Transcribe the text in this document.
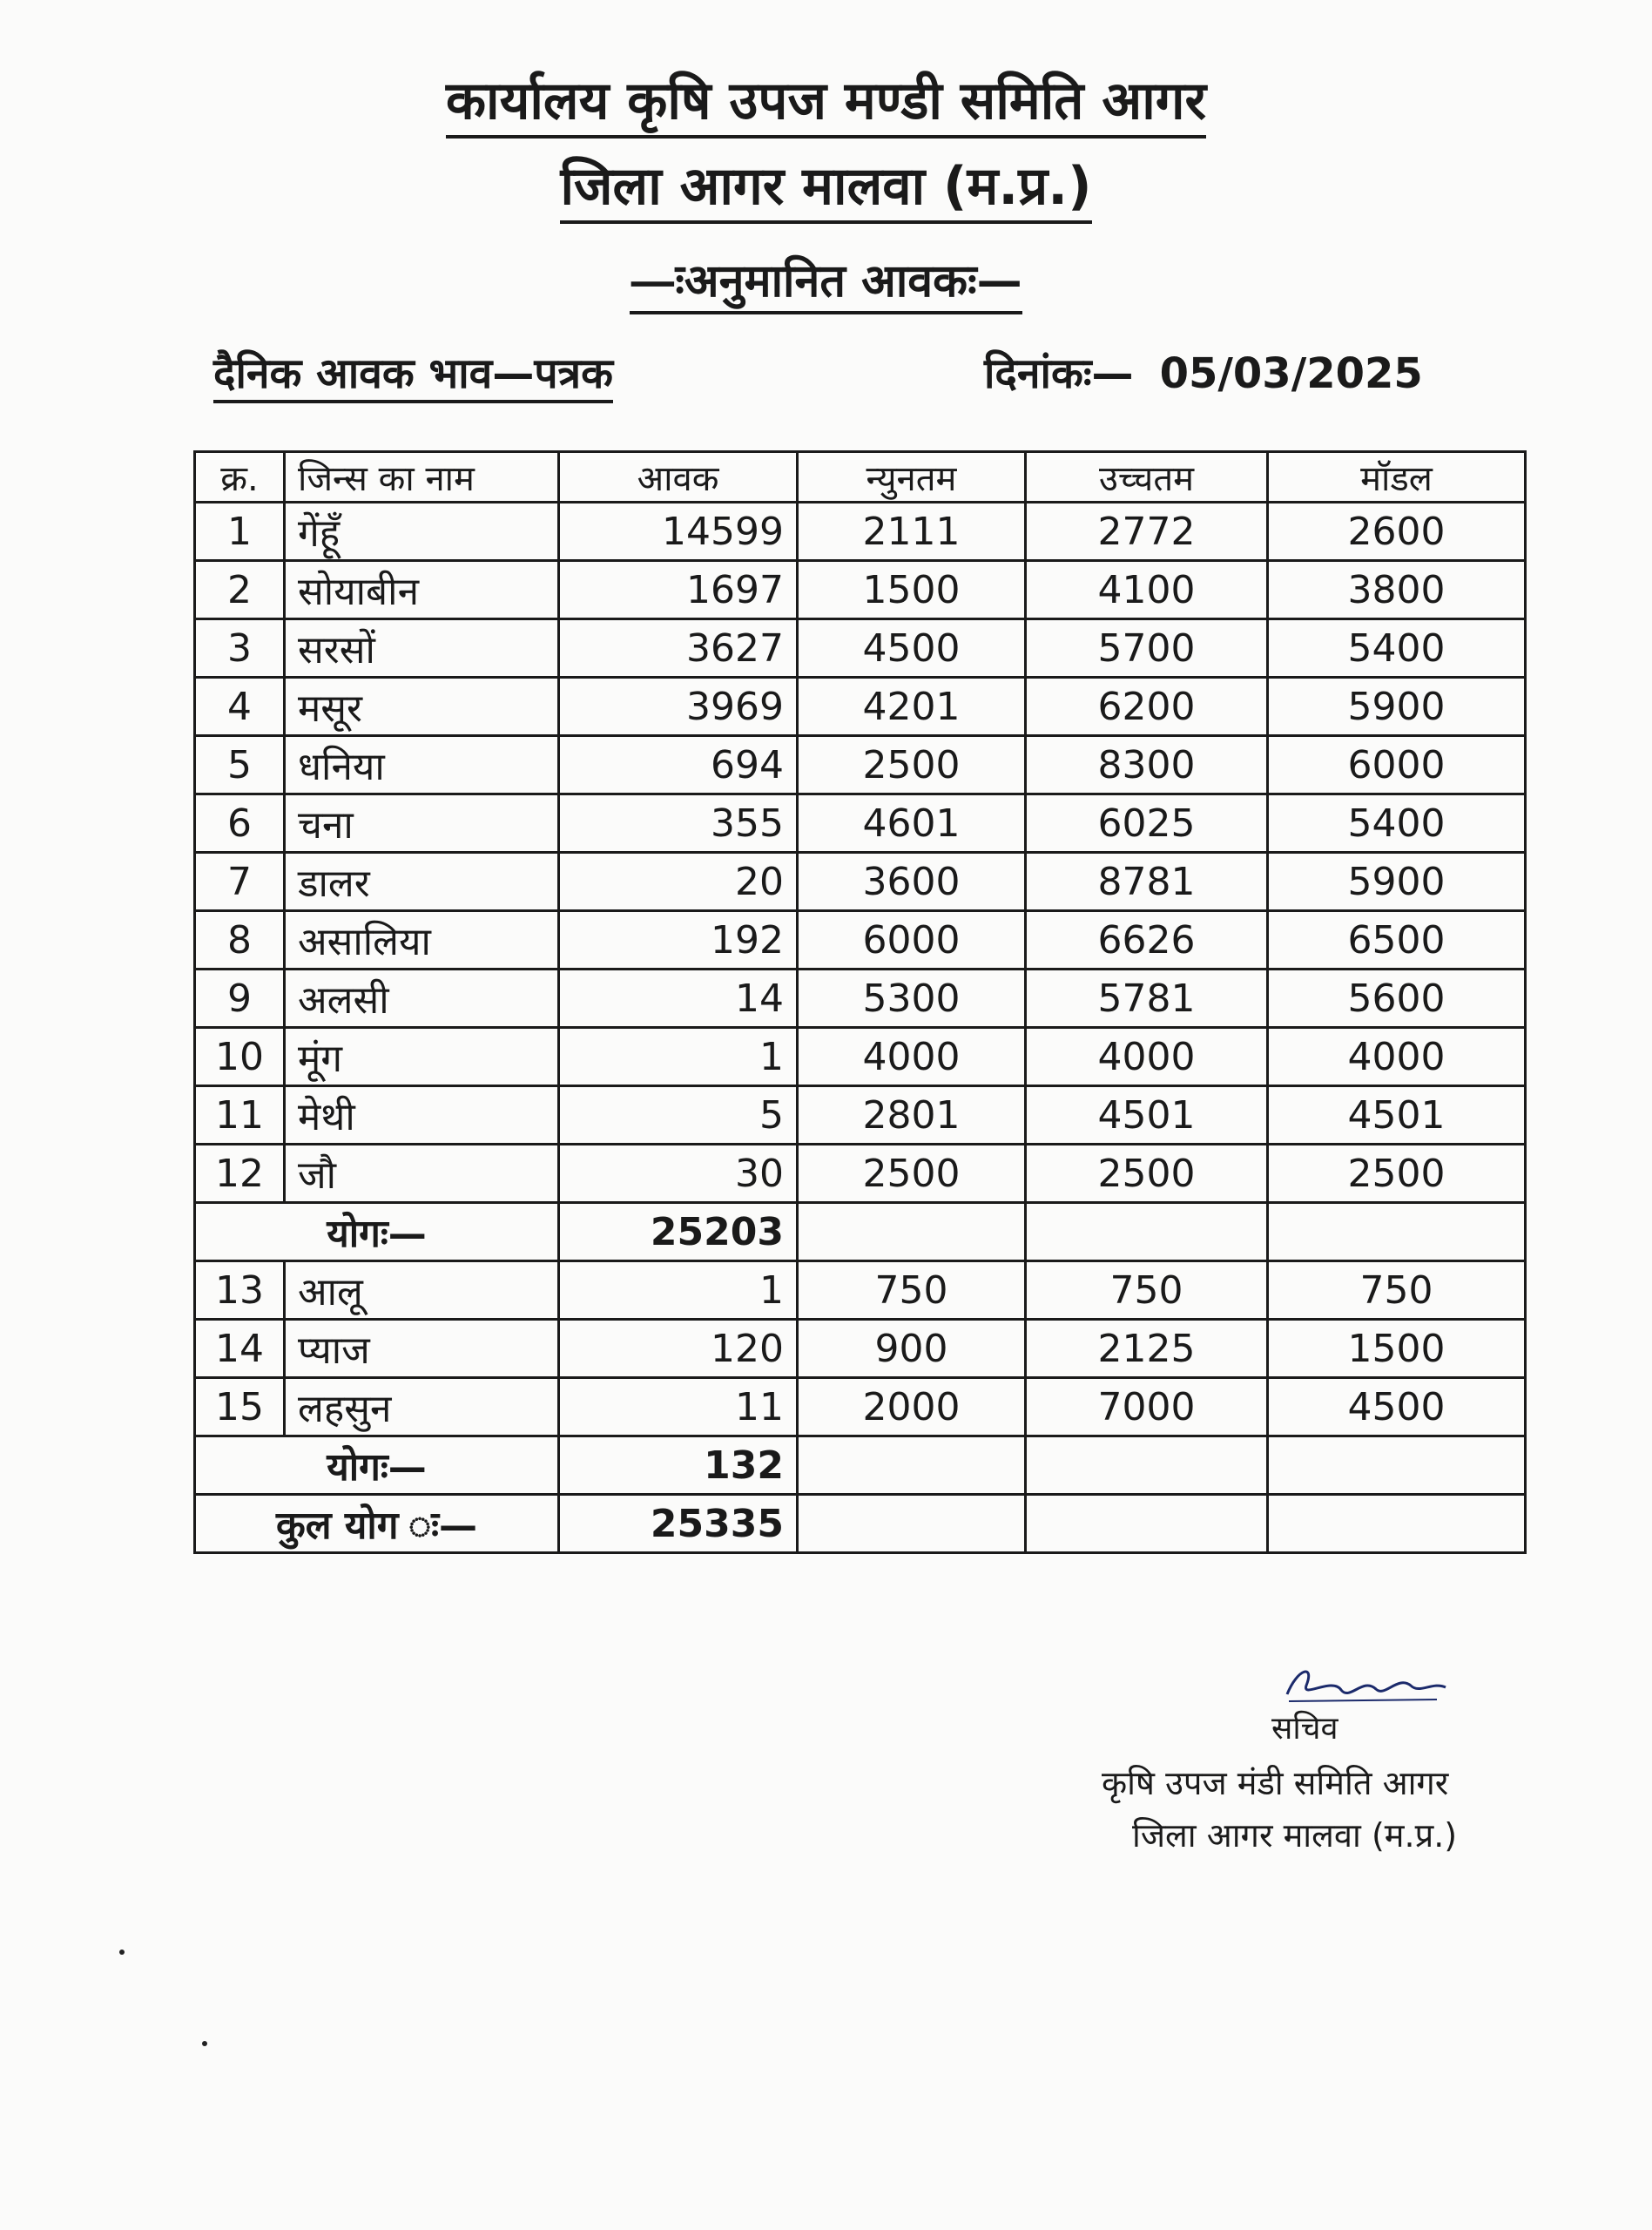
कार्यालय कृषि उपज मण्डी समिति आगर
जिला आगर मालवा (म.प्र.)
—ःअनुमानित आवकः—
दैनिक आवक भाव—पत्रक	दिनांकः— 05/03/2025
क्र.	जिन्स का नाम	आवक	न्युनतम	उच्चतम	मॉडल
1	गेंहूँ	14599	2111	2772	2600
2	सोयाबीन	1697	1500	4100	3800
3	सरसों	3627	4500	5700	5400
4	मसूर	3969	4201	6200	5900
5	धनिया	694	2500	8300	6000
6	चना	355	4601	6025	5400
7	डालर	20	3600	8781	5900
8	असालिया	192	6000	6626	6500
9	अलसी	14	5300	5781	5600
10	मूंग	1	4000	4000	4000
11	मेथी	5	2801	4501	4501
12	जौ	30	2500	2500	2500
योगः—		25203			
13	आलू	1	750	750	750
14	प्याज	120	900	2125	1500
15	लहसुन	11	2000	7000	4500
योगः—		132			
कुल योग ः—		25335			
सचिव
कृषि उपज मंडी समिति आगर
जिला आगर मालवा (म.प्र.)
